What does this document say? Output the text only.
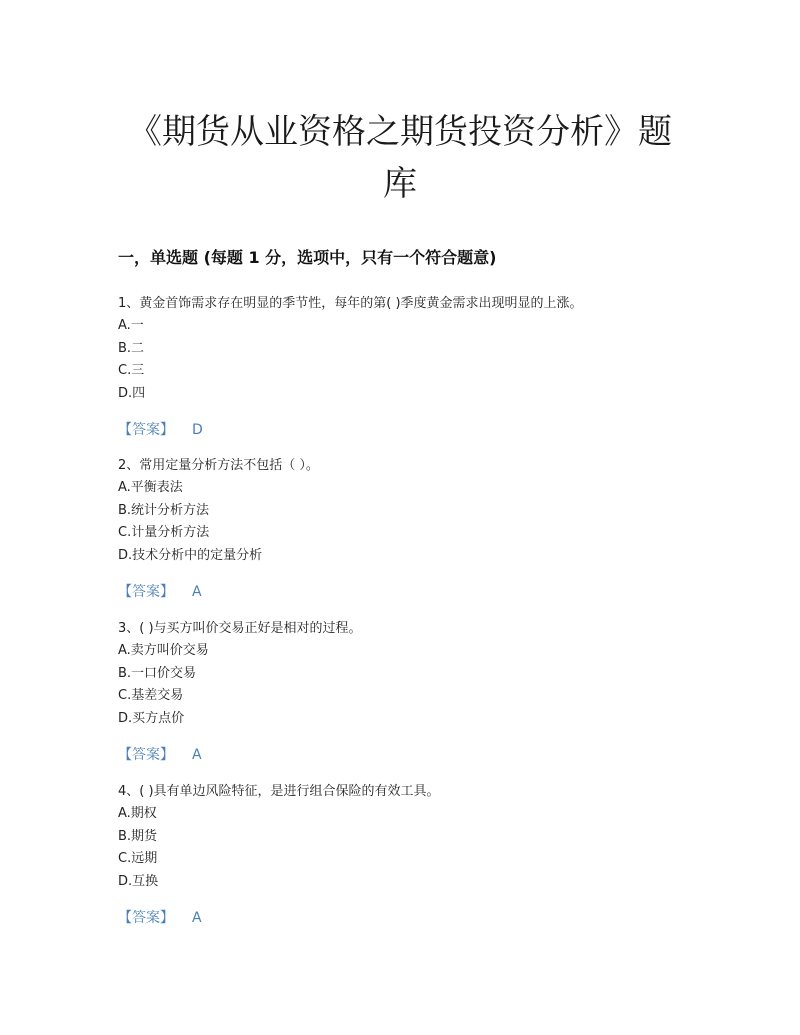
《期货从业资格之期货投资分析》题
库
一，单选题 (每题 1 分，选项中，只有一个符合题意)
1、黄金首饰需求存在明显的季节性，每年的第( )季度黄金需求出现明显的上涨。
A.一
B.二
C.三
D.四
【答案】 D
2、常用定量分析方法不包括（ ）。
A.平衡表法
B.统计分析方法
C.计量分析方法
D.技术分析中的定量分析
【答案】 A
3、( )与买方叫价交易正好是相对的过程。
A.卖方叫价交易
B.一口价交易
C.基差交易
D.买方点价
【答案】 A
4、( )具有单边风险特征，是进行组合保险的有效工具。
A.期权
B.期货
C.远期
D.互换
【答案】 A
